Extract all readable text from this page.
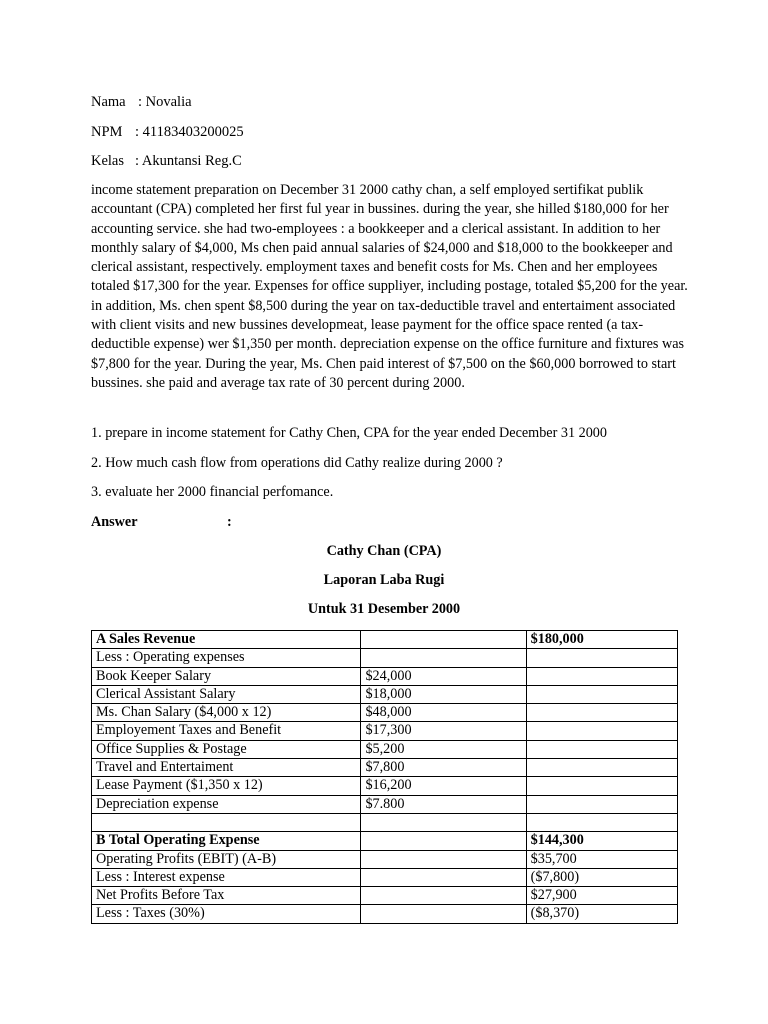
Nama : Novalia
NPM : 41183403200025
Kelas : Akuntansi Reg.C

income statement preparation on December 31 2000 cathy chan, a self employed sertifikat publik accountant (CPA) completed her first ful year in bussines. during the year, she hilled $180,000 for her accounting service. she had two-employees : a bookkeeper and a clerical assistant. In addition to her monthly salary of $4,000, Ms chen paid annual salaries of $24,000 and $18,000 to the bookkeeper and clerical assistant, respectively. employment taxes and benefit costs for Ms. Chen and her employees totaled $17,300 for the year. Expenses for office suppliyer, including postage, totaled $5,200 for the year. in addition, Ms. chen spent $8,500 during the year on tax-deductible travel and entertaiment associated with client visits and new bussines developmeat, lease payment for the office space rented (a tax-deductible expense) wer $1,350 per month. depreciation expense on the office furniture and fixtures was $7,800 for the year. During the year, Ms. Chen paid interest of $7,500 on the $60,000 borrowed to start bussines. she paid and average tax rate of 30 percent during 2000.

1. prepare in income statement for Cathy Chen, CPA for the year ended December 31 2000

2. How much cash flow from operations did Cathy realize during 2000 ?

3. evaluate her 2000 financial perfomance.

Answer	:
Cathy Chan (CPA)
Laporan Laba Rugi
Untuk 31 Desember 2000
A Sales Revenue		$180,000
Less : Operating expenses		
Book Keeper Salary	$24,000	
Clerical Assistant Salary	$18,000	
Ms. Chan Salary ($4,000 x 12)	$48,000	
Employement Taxes and Benefit	$17,300	
Office Supplies & Postage	$5,200	
Travel and Entertaiment	$7,800	
Lease Payment ($1,350 x 12)	$16,200	
Depreciation expense	$7.800	

B Total Operating Expense		$144,300
Operating Profits (EBIT) (A-B)		$35,700
Less : Interest expense		($7,800)
Net Profits Before Tax		$27,900
Less : Taxes (30%)		($8,370)
